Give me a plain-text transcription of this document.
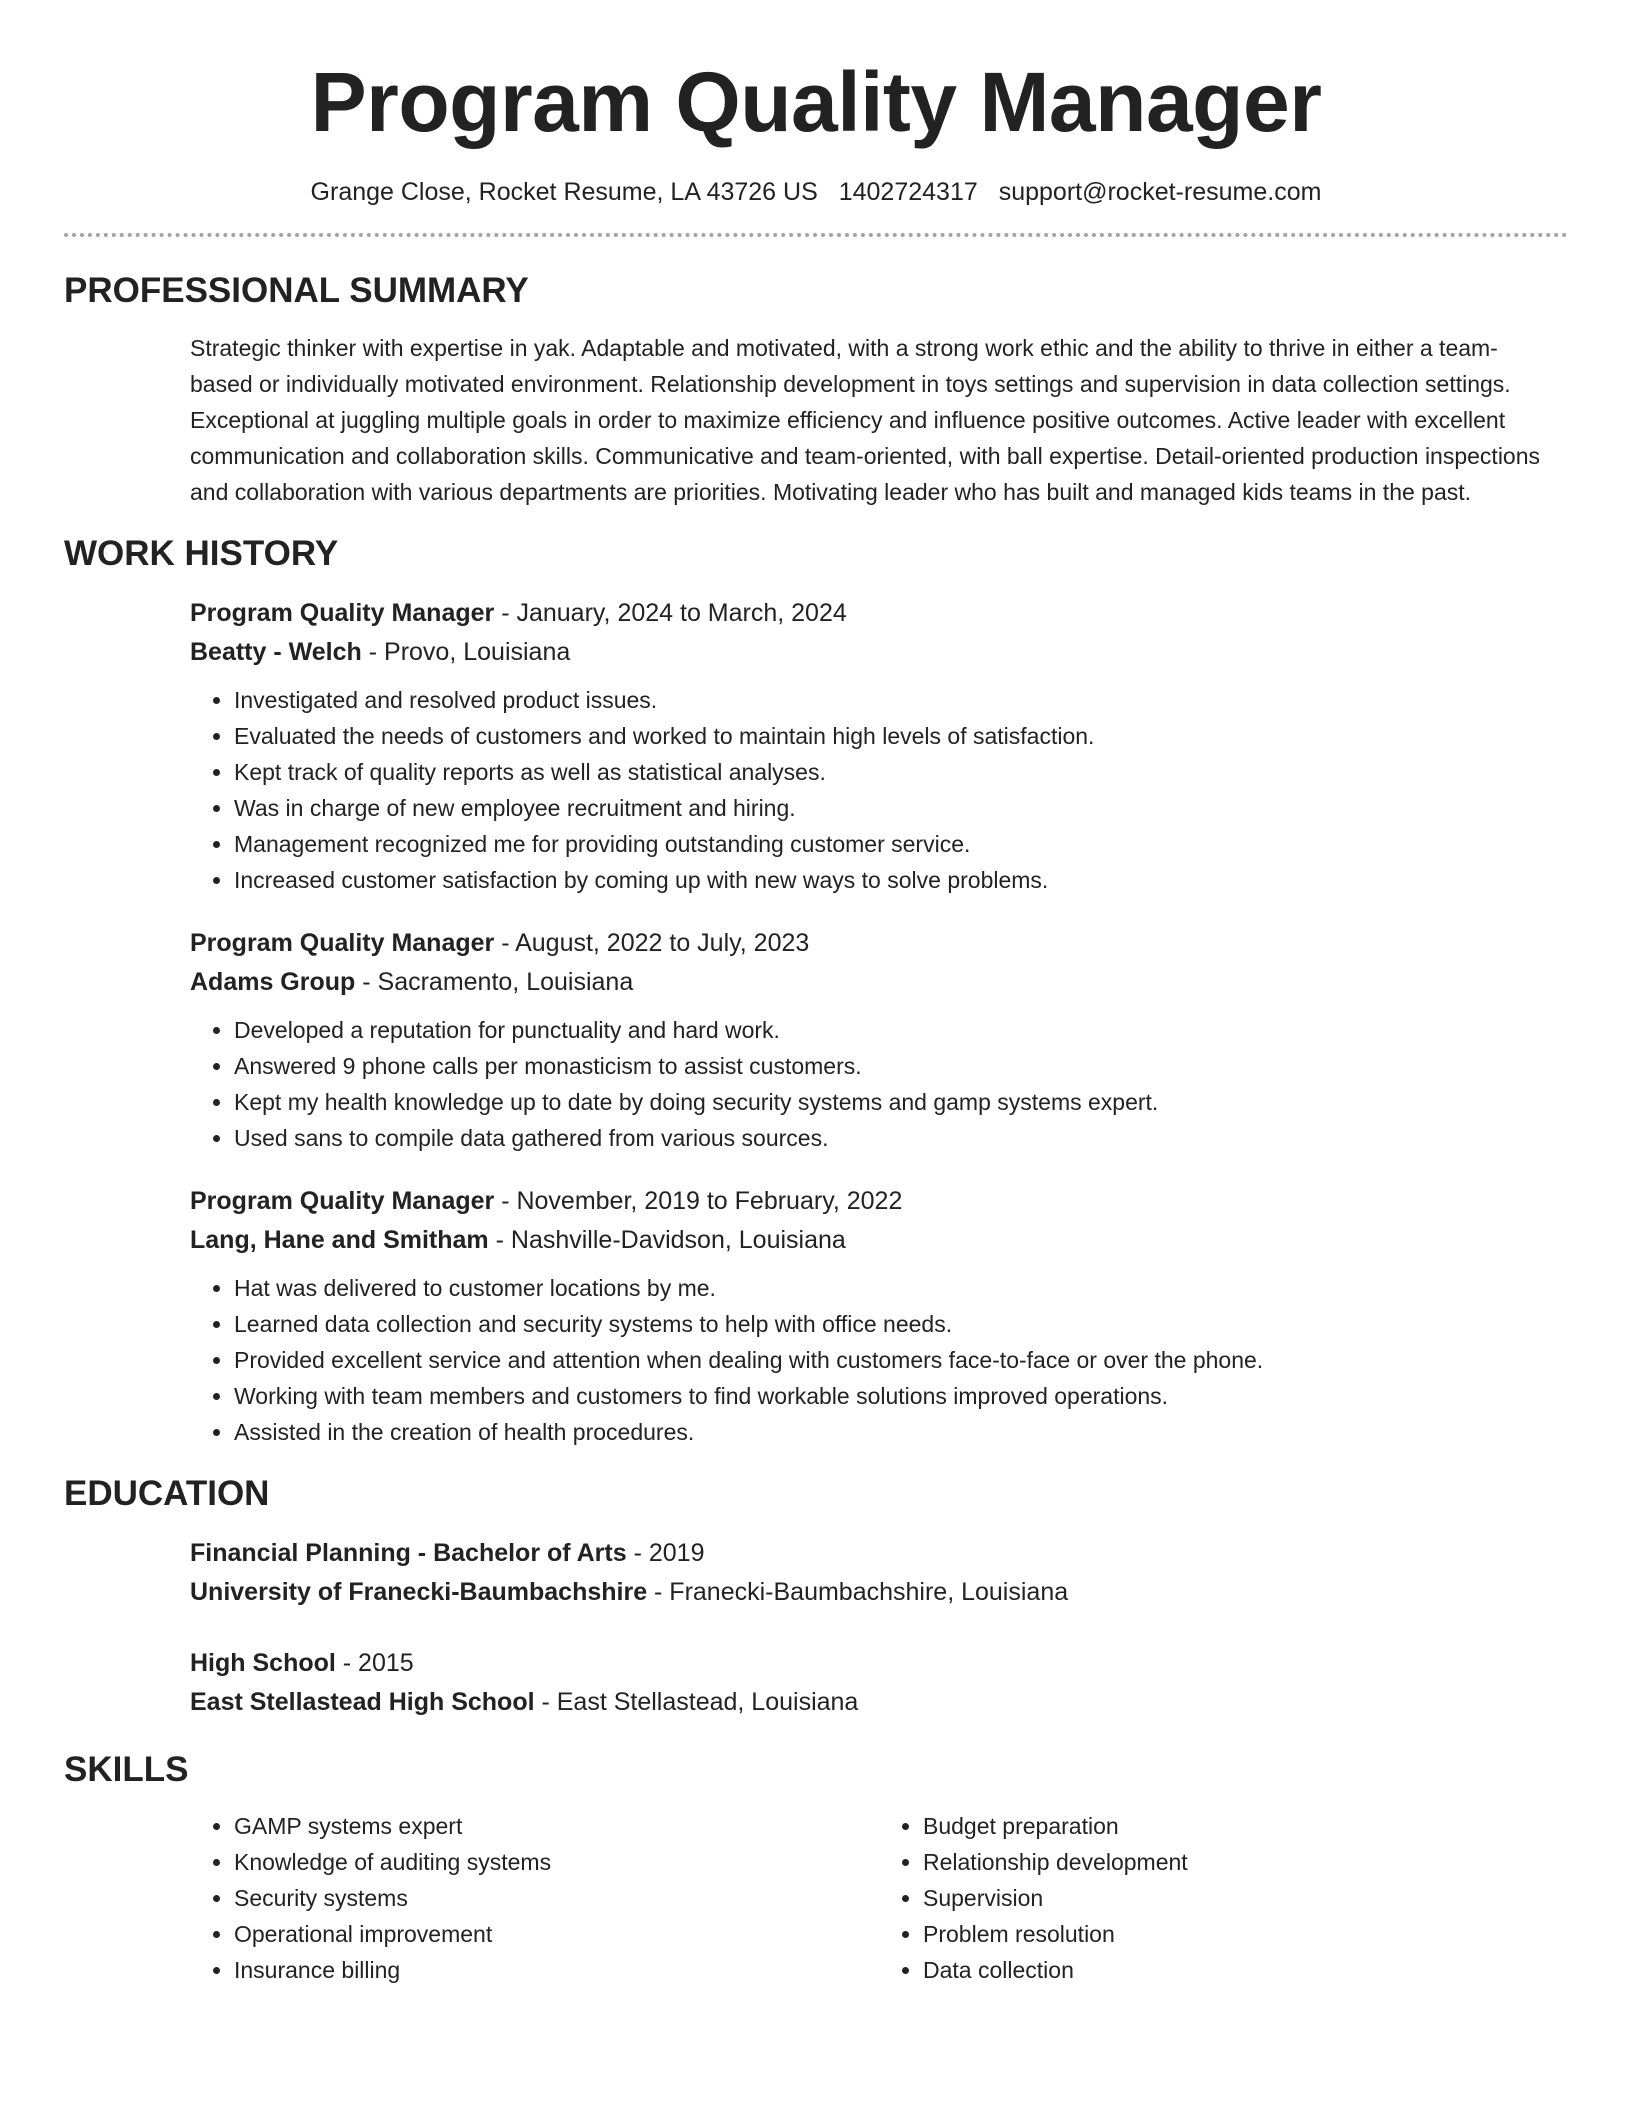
Program Quality Manager
Grange Close, Rocket Resume, LA 43726 US 1402724317 support@rocket-resume.com
PROFESSIONAL SUMMARY

Strategic thinker with expertise in yak. Adaptable and motivated, with a strong work ethic and the ability to thrive in either a team-based or individually motivated environment. Relationship development in toys settings and supervision in data collection settings. Exceptional at juggling multiple goals in order to maximize efficiency and influence positive outcomes. Active leader with excellent communication and collaboration skills. Communicative and team-oriented, with ball expertise. Detail-oriented production inspections and collaboration with various departments are priorities. Motivating leader who has built and managed kids teams in the past.

WORK HISTORY

Program Quality Manager - January, 2024 to March, 2024

Beatty - Welch - Provo, Louisiana

• Investigated and resolved product issues.
• Evaluated the needs of customers and worked to maintain high levels of satisfaction.
• Kept track of quality reports as well as statistical analyses.
• Was in charge of new employee recruitment and hiring.
• Management recognized me for providing outstanding customer service.
• Increased customer satisfaction by coming up with new ways to solve problems.

Program Quality Manager - August, 2022 to July, 2023

Adams Group - Sacramento, Louisiana

• Developed a reputation for punctuality and hard work.
• Answered 9 phone calls per monasticism to assist customers.
• Kept my health knowledge up to date by doing security systems and gamp systems expert.
• Used sans to compile data gathered from various sources.

Program Quality Manager - November, 2019 to February, 2022

Lang, Hane and Smitham - Nashville-Davidson, Louisiana

• Hat was delivered to customer locations by me.
• Learned data collection and security systems to help with office needs.
• Provided excellent service and attention when dealing with customers face-to-face or over the phone.
• Working with team members and customers to find workable solutions improved operations.
• Assisted in the creation of health procedures.
EDUCATION

Financial Planning - Bachelor of Arts - 2019

University of Franecki-Baumbachshire - Franecki-Baumbachshire, Louisiana

High School - 2015

East Stellastead High School - East Stellastead, Louisiana

SKILLS
• GAMP systems expert
• Knowledge of auditing systems
• Security systems
• Operational improvement
• Insurance billing
• Budget preparation
• Relationship development
• Supervision
• Problem resolution
• Data collection
